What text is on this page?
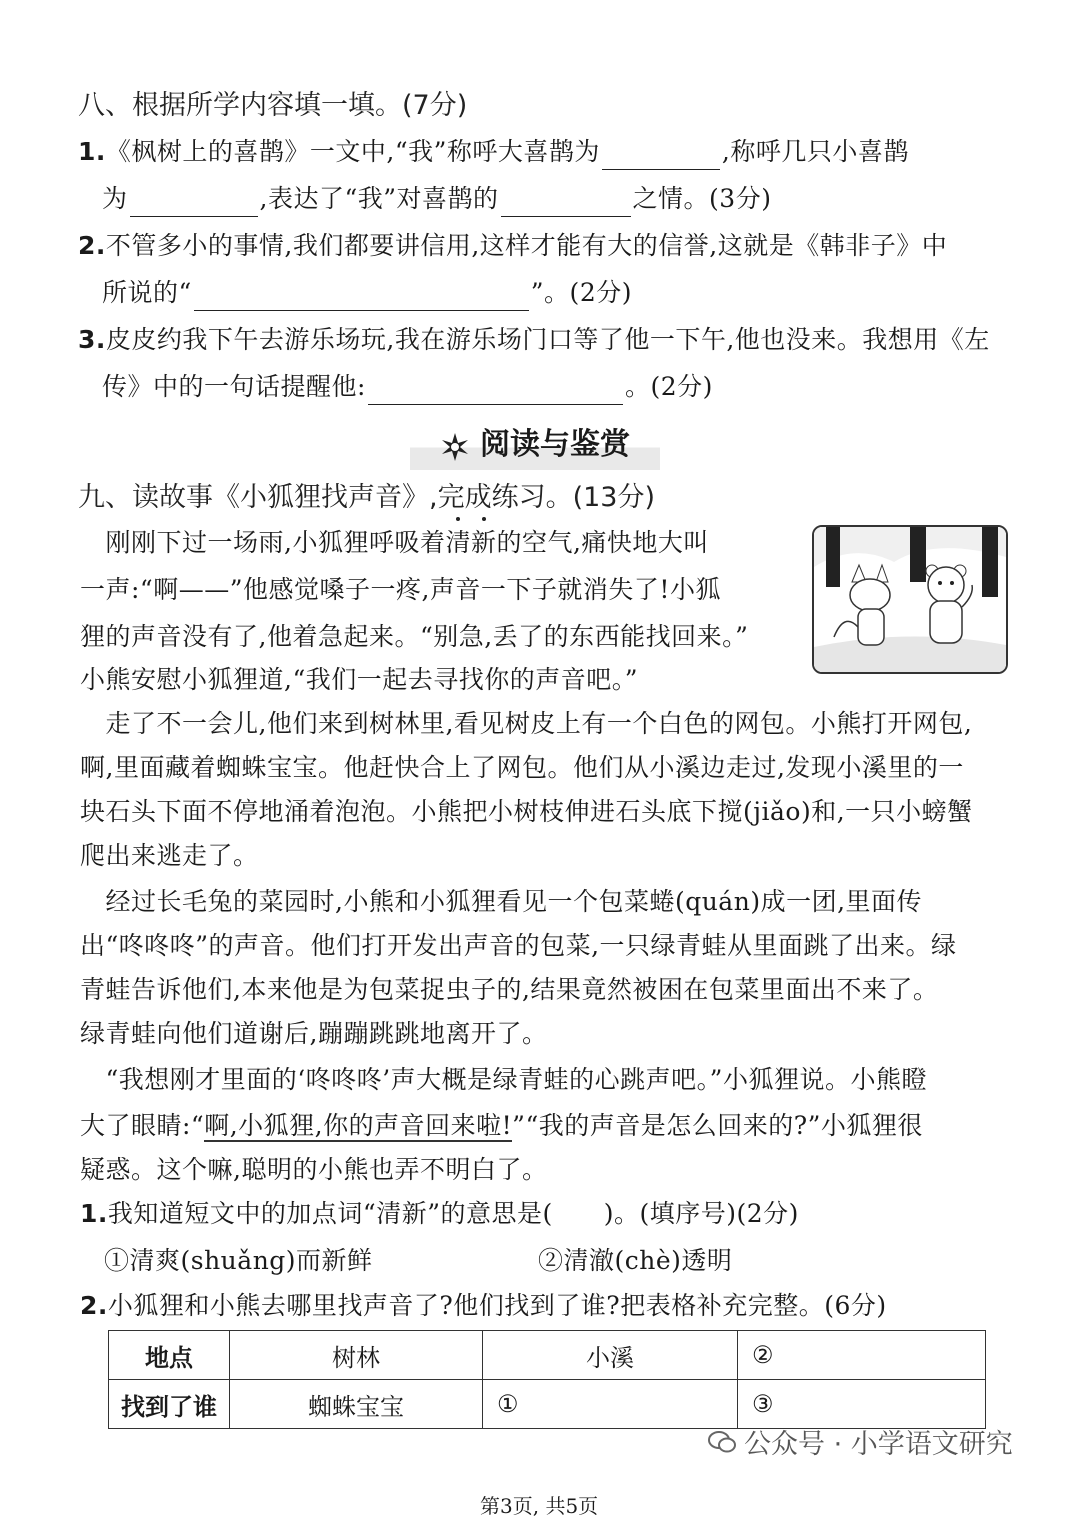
八、根据所学内容填一填。(7分)
1.《枫树上的喜鹊》一文中,“我”称呼大喜鹊为	,称呼几只小喜鹊
为	,表达了“我”对喜鹊的	之情。(3分)
2.不管多小的事情,我们都要讲信用,这样才能有大的信誉,这就是《韩非子》中
所说的“	”。(2分)
3.皮皮约我下午去游乐场玩,我在游乐场门口等了他一下午,他也没来。我想用《左
传》中的一句话提醒他:	。(2分)
阅读与鉴赏
九、读故事《小狐狸找声音》,完成练习。(13分)
　刚刚下过一场雨,小狐狸呼吸着清新的空气,痛快地大叫
一声:“啊——”他感觉嗓子一疼,声音一下子就消失了!小狐
狸的声音没有了,他着急起来。“别急,丢了的东西能找回来。”
小熊安慰小狐狸道,“我们一起去寻找你的声音吧。”
　走了不一会儿,他们来到树林里,看见树皮上有一个白色的网包。小熊打开网包,
啊,里面藏着蜘蛛宝宝。他赶快合上了网包。他们从小溪边走过,发现小溪里的一
块石头下面不停地涌着泡泡。小熊把小树枝伸进石头底下搅(jiǎo)和,一只小螃蟹
爬出来逃走了。
　经过长毛兔的菜园时,小熊和小狐狸看见一个包菜蜷(quán)成一团,里面传
出“咚咚咚”的声音。他们打开发出声音的包菜,一只绿青蛙从里面跳了出来。绿
青蛙告诉他们,本来他是为包菜捉虫子的,结果竟然被困在包菜里面出不来了。
绿青蛙向他们道谢后,蹦蹦跳跳地离开了。
　“我想刚才里面的‘咚咚咚’声大概是绿青蛙的心跳声吧。”小狐狸说。小熊瞪
大了眼睛:“啊,小狐狸,你的声音回来啦!”“我的声音是怎么回来的?”小狐狸很
疑惑。这个嘛,聪明的小熊也弄不明白了。
1.我知道短文中的加点词“清新”的意思是(　　)。(填序号)(2分)
①清爽(shuǎng)而新鲜	②清澈(chè)透明
2.小狐狸和小熊去哪里找声音了?他们找到了谁?把表格补充完整。(6分)
地点	树林	小溪	②
找到了谁	蜘蛛宝宝	①	③
公众号 · 小学语文研究
第3页, 共5页
